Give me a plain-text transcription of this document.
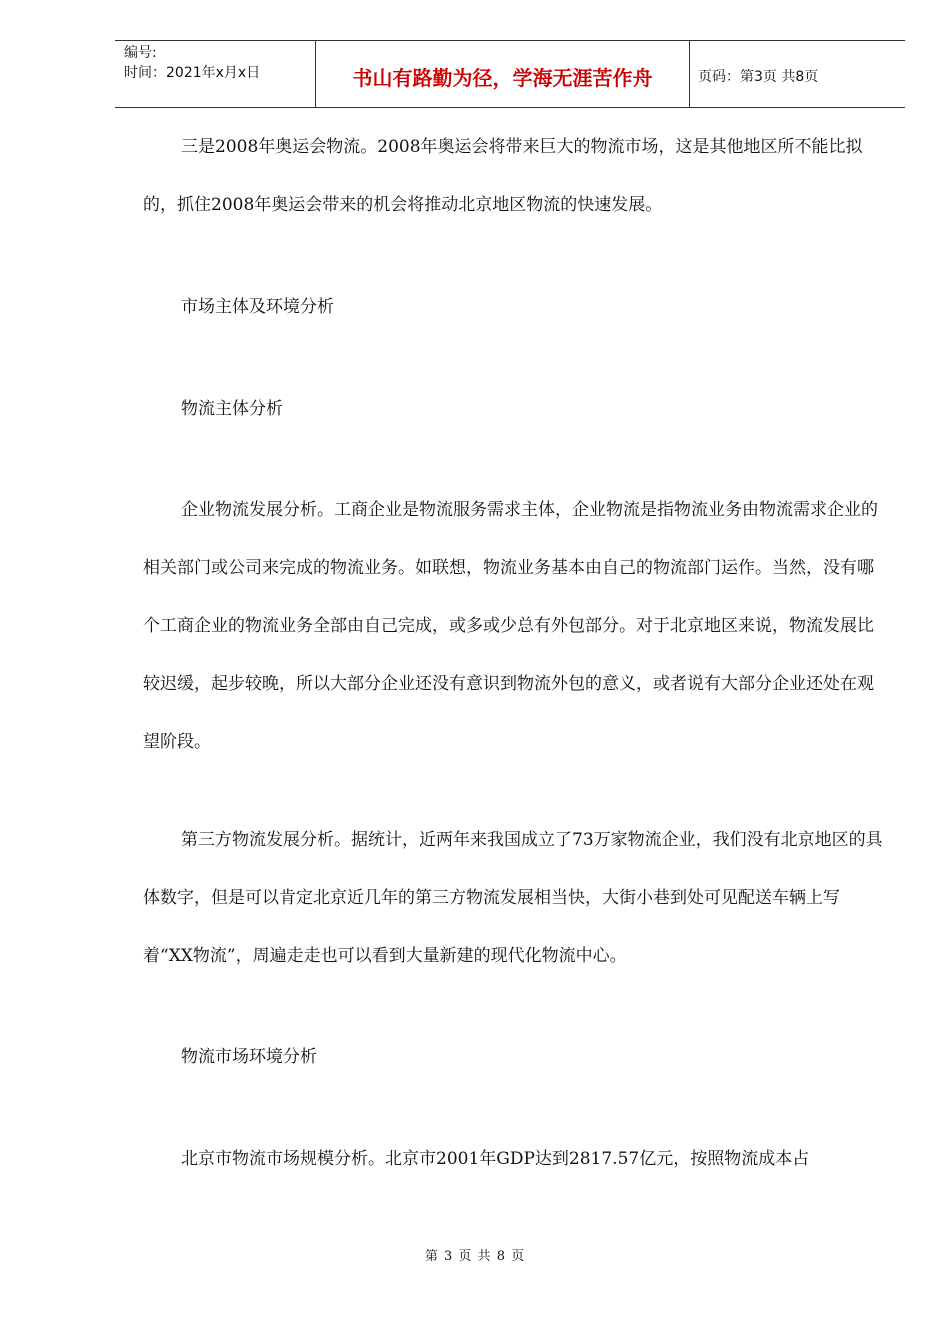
编号:
时间：2021年x月x日	书山有路勤为径，学海无涯苦作舟	页码：第3页 共8页

三是2008年奥运会物流。2008年奥运会将带来巨大的物流市场，这是其他地区所不能比拟的，抓住2008年奥运会带来的机会将推动北京地区物流的快速发展。

市场主体及环境分析

物流主体分析

企业物流发展分析。工商企业是物流服务需求主体，企业物流是指物流业务由物流需求企业的相关部门或公司来完成的物流业务。如联想，物流业务基本由自己的物流部门运作。当然，没有哪个工商企业的物流业务全部由自己完成，或多或少总有外包部分。对于北京地区来说，物流发展比较迟缓，起步较晚，所以大部分企业还没有意识到物流外包的意义，或者说有大部分企业还处在观望阶段。

第三方物流发展分析。据统计，近两年来我国成立了73万家物流企业，我们没有北京地区的具体数字，但是可以肯定北京近几年的第三方物流发展相当快，大街小巷到处可见配送车辆上写着“XX物流”，周遍走走也可以看到大量新建的现代化物流中心。

物流市场环境分析

北京市物流市场规模分析。北京市2001年GDP达到2817.57亿元，按照物流成本占

第 3 页 共 8 页
